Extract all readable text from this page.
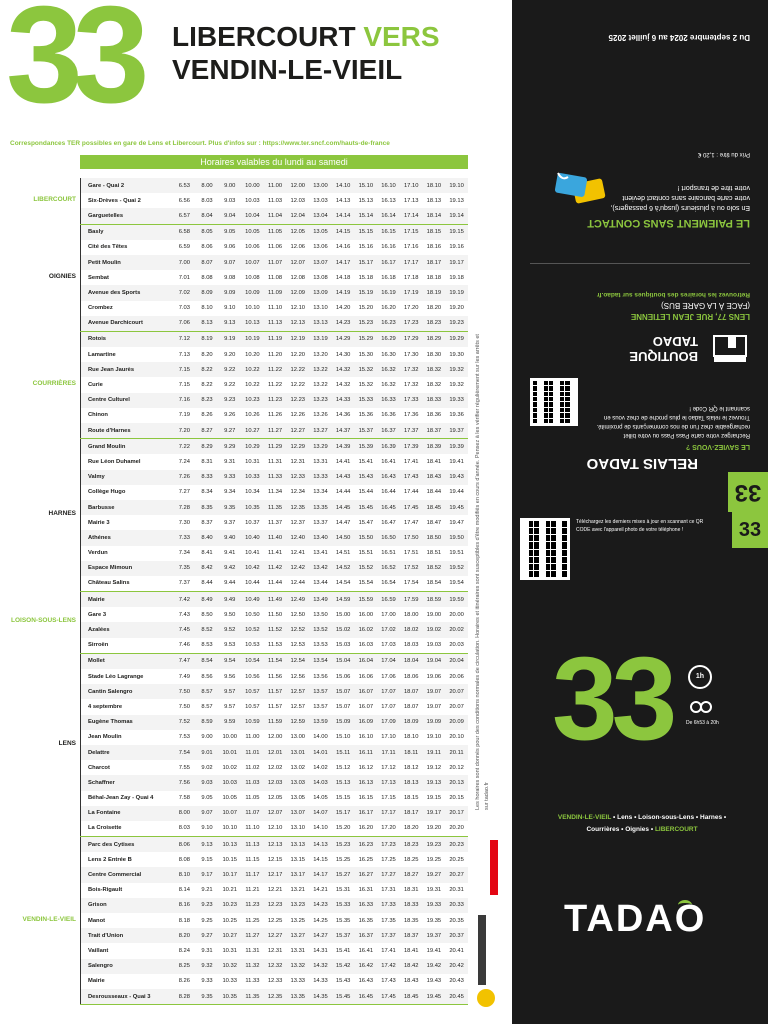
33 LIBERCOURT VERS
VENDIN-LE-VIEIL
Correspondances TER possibles en gare de Lens et Libercourt. Plus d'infos sur : https://www.ter.sncf.com/hauts-de-france
Horaires valables du lundi au samedi
LIBERCOURT
Gare - Quai 2	6.53	8.00	9.00	10.00	11.00	12.00	13.00	14.10	15.10	16.10	17.10	18.10	19.10
Six-Drèves - Quai 2	6.56	8.03	9.03	10.03	11.03	12.03	13.03	14.13	15.13	16.13	17.13	18.13	19.13
Garguetelles	6.57	8.04	9.04	10.04	11.04	12.04	13.04	14.14	15.14	16.14	17.14	18.14	19.14
OIGNIES
Basly	6.58	8.05	9.05	10.05	11.05	12.05	13.05	14.15	15.15	16.15	17.15	18.15	19.15
Cité des Têtes	6.59	8.06	9.06	10.06	11.06	12.06	13.06	14.16	15.16	16.16	17.16	18.16	19.16
Petit Moulin	7.00	8.07	9.07	10.07	11.07	12.07	13.07	14.17	15.17	16.17	17.17	18.17	19.17
Sembat	7.01	8.08	9.08	10.08	11.08	12.08	13.08	14.18	15.18	16.18	17.18	18.18	19.18
Avenue des Sports	7.02	8.09	9.09	10.09	11.09	12.09	13.09	14.19	15.19	16.19	17.19	18.19	19.19
Crombez	7.03	8.10	9.10	10.10	11.10	12.10	13.10	14.20	15.20	16.20	17.20	18.20	19.20
Avenue Darchicourt	7.06	8.13	9.13	10.13	11.13	12.13	13.13	14.23	15.23	16.23	17.23	18.23	19.23
COURRIÈRES
Rotois	7.12	8.19	9.19	10.19	11.19	12.19	13.19	14.29	15.29	16.29	17.29	18.29	19.29
Lamartine	7.13	8.20	9.20	10.20	11.20	12.20	13.20	14.30	15.30	16.30	17.30	18.30	19.30
Rue Jean Jaurès	7.15	8.22	9.22	10.22	11.22	12.22	13.22	14.32	15.32	16.32	17.32	18.32	19.32
Curie	7.15	8.22	9.22	10.22	11.22	12.22	13.22	14.32	15.32	16.32	17.32	18.32	19.32
Centre Culturel	7.16	8.23	9.23	10.23	11.23	12.23	13.23	14.33	15.33	16.33	17.33	18.33	19.33
Chinon	7.19	8.26	9.26	10.26	11.26	12.26	13.26	14.36	15.36	16.36	17.36	18.36	19.36
Route d'Harnes	7.20	8.27	9.27	10.27	11.27	12.27	13.27	14.37	15.37	16.37	17.37	18.37	19.37
HARNES
Grand Moulin	7.22	8.29	9.29	10.29	11.29	12.29	13.29	14.39	15.39	16.39	17.39	18.39	19.39
Rue Léon Duhamel	7.24	8.31	9.31	10.31	11.31	12.31	13.31	14.41	15.41	16.41	17.41	18.41	19.41
Valmy	7.26	8.33	9.33	10.33	11.33	12.33	13.33	14.43	15.43	16.43	17.43	18.43	19.43
Collège Hugo	7.27	8.34	9.34	10.34	11.34	12.34	13.34	14.44	15.44	16.44	17.44	18.44	19.44
Barbusse	7.28	8.35	9.35	10.35	11.35	12.35	13.35	14.45	15.45	16.45	17.45	18.45	19.45
Mairie 3	7.30	8.37	9.37	10.37	11.37	12.37	13.37	14.47	15.47	16.47	17.47	18.47	19.47
Athénes	7.33	8.40	9.40	10.40	11.40	12.40	13.40	14.50	15.50	16.50	17.50	18.50	19.50
Verdun	7.34	8.41	9.41	10.41	11.41	12.41	13.41	14.51	15.51	16.51	17.51	18.51	19.51
Espace Mimoun	7.35	8.42	9.42	10.42	11.42	12.42	13.42	14.52	15.52	16.52	17.52	18.52	19.52
Château Salins	7.37	8.44	9.44	10.44	11.44	12.44	13.44	14.54	15.54	16.54	17.54	18.54	19.54
LOISON-SOUS-LENS
Mairie	7.42	8.49	9.49	10.49	11.49	12.49	13.49	14.59	15.59	16.59	17.59	18.59	19.59
Gare 3	7.43	8.50	9.50	10.50	11.50	12.50	13.50	15.00	16.00	17.00	18.00	19.00	20.00
Azalées	7.45	8.52	9.52	10.52	11.52	12.52	13.52	15.02	16.02	17.02	18.02	19.02	20.02
Sirroën	7.46	8.53	9.53	10.53	11.53	12.53	13.53	15.03	16.03	17.03	18.03	19.03	20.03
LENS
Mollet	7.47	8.54	9.54	10.54	11.54	12.54	13.54	15.04	16.04	17.04	18.04	19.04	20.04
Stade Léo Lagrange	7.49	8.56	9.56	10.56	11.56	12.56	13.56	15.06	16.06	17.06	18.06	19.06	20.06
Cantin Salengro	7.50	8.57	9.57	10.57	11.57	12.57	13.57	15.07	16.07	17.07	18.07	19.07	20.07
4 septembre	7.50	8.57	9.57	10.57	11.57	12.57	13.57	15.07	16.07	17.07	18.07	19.07	20.07
Eugène Thomas	7.52	8.59	9.59	10.59	11.59	12.59	13.59	15.09	16.09	17.09	18.09	19.09	20.09
Jean Moulin	7.53	9.00	10.00	11.00	12.00	13.00	14.00	15.10	16.10	17.10	18.10	19.10	20.10
Delattre	7.54	9.01	10.01	11.01	12.01	13.01	14.01	15.11	16.11	17.11	18.11	19.11	20.11
Charcot	7.55	9.02	10.02	11.02	12.02	13.02	14.02	15.12	16.12	17.12	18.12	19.12	20.12
Schaffner	7.56	9.03	10.03	11.03	12.03	13.03	14.03	15.13	16.13	17.13	18.13	19.13	20.13
Béhal-Jean Zay - Quai 4	7.58	9.05	10.05	11.05	12.05	13.05	14.05	15.15	16.15	17.15	18.15	19.15	20.15
La Fontaine	8.00	9.07	10.07	11.07	12.07	13.07	14.07	15.17	16.17	17.17	18.17	19.17	20.17
La Croisette	8.03	9.10	10.10	11.10	12.10	13.10	14.10	15.20	16.20	17.20	18.20	19.20	20.20
VENDIN-LE-VIEIL
Parc des Cytises	8.06	9.13	10.13	11.13	12.13	13.13	14.13	15.23	16.23	17.23	18.23	19.23	20.23
Lens 2 Entrée B	8.08	9.15	10.15	11.15	12.15	13.15	14.15	15.25	16.25	17.25	18.25	19.25	20.25
Centre Commercial	8.10	9.17	10.17	11.17	12.17	13.17	14.17	15.27	16.27	17.27	18.27	19.27	20.27
Bois-Rigault	8.14	9.21	10.21	11.21	12.21	13.21	14.21	15.31	16.31	17.31	18.31	19.31	20.31
Grison	8.16	9.23	10.23	11.23	12.23	13.23	14.23	15.33	16.33	17.33	18.33	19.33	20.33
Manot	8.18	9.25	10.25	11.25	12.25	13.25	14.25	15.35	16.35	17.35	18.35	19.35	20.35
Trait d'Union	8.20	9.27	10.27	11.27	12.27	13.27	14.27	15.37	16.37	17.37	18.37	19.37	20.37
Vaillant	8.24	9.31	10.31	11.31	12.31	13.31	14.31	15.41	16.41	17.41	18.41	19.41	20.41
Salengro	8.25	9.32	10.32	11.32	12.32	13.32	14.32	15.42	16.42	17.42	18.42	19.42	20.42
Mairie	8.26	9.33	10.33	11.33	12.33	13.33	14.33	15.43	16.43	17.43	18.43	19.43	20.43
Desrousseaux - Quai 3	8.28	9.35	10.35	11.35	12.35	13.35	14.35	15.45	16.45	17.45	18.45	19.45	20.45
Les horaires sont donnés pour des conditions normales de circulation. Horaires et itinéraires sont susceptibles d'être modifiés en cours d'année. Pensez à les vérifier régulièrement sur les arrêts et sur tadao.fr
Du 2 septembre 2024 au 6 juillet 2025
LE PAIEMENT SANS CONTACT
En solo ou à plusieurs (jusqu'à 6 passagers), votre carte bancaire sans contact devient votre titre de transport !
Prix du titre : 1,20 €
BOUTIQUE
TADAO
LENS 77, RUE JEAN LETIENNE
(FACE À LA GARE BUS)
Retrouvez les horaires des boutiques sur tadao.fr
RELAIS TADAO
LE SAVIEZ-VOUS ?
Rechargez votre carte Pass Pass ou votre billet rechargeable chez l'un de nos commerçants de proximité. Trouvez le relais Tadao le plus proche de chez vous en scannant le QR Code !
33
Téléchargez les derniers mises à jour en scannant ce QR CODE avec l'appareil photo de votre téléphone !	33
33	1h
De 6h53 à 20h
VENDIN-LE-VIEIL • Lens • Loison-sous-Lens • Harnes •
Courrières • Oignies • LIBERCOURT
TADAO
